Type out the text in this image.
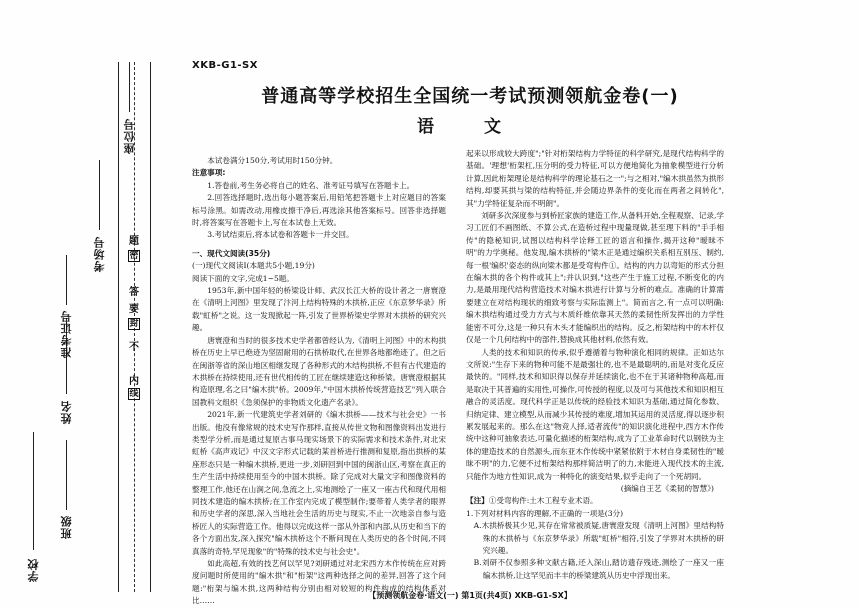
学校
班级
姓名
准考证号
考场号
座位号
密
封
线
内
不
要
答
题
XKB-G1-SX
普通高等学校招生全国统一考试预测领航金卷(一)
语 文

本试卷满分150分,考试用时150分钟。

注意事项:

1.答卷前,考生务必将自己的姓名、准考证号填写在答题卡上。

2.回答选择题时,选出每小题答案后,用铅笔把答题卡上对应题目的答案标号涂黑。如需改动,用橡皮擦干净后,再选涂其他答案标号。回答非选择题时,将答案写在答题卡上,写在本试卷上无效。

3.考试结束后,将本试卷和答题卡一并交回。

一、现代文阅读(35分)

(一)现代文阅读Ⅰ(本题共5小题,19分)

阅读下面的文字,完成1~5题。

1953年,新中国年轻的桥梁设计师、武汉长江大桥的设计者之一唐寰澄在《清明上河图》里发现了汴河上结构特殊的木拱桥,正应《东京梦华录》所载"虹桥"之说。这一发现掀起一阵,引发了世界桥梁史学界对木拱桥的研究兴趣。

唐寰澄和当时的很多技术史学者都曾经认为,《清明上河图》中的木构拱桥在历史上早已绝迹为坚固耐用的石拱桥取代,在世界各地都绝迹了。但之后在闽浙等省的深山地区相继发现了各种形式的木结构拱桥,不但有古代建造的木拱桥在持续使用,还有世代相传的工匠在继续建造这种桥梁。唐寰澄根据其构造原理,名之曰"编木拱"桥。2009年,"中国木拱桥传统营造技艺"列入联合国教科文组织《急须保护的非物质文化遗产名录》。

2021年,新一代建筑史学者刘研的《编木拱桥——技术与社会史》一书出版。他没有像常规的技术史写作那样,直接从传世文物和图像资料出发进行类型学分析,而是通过复原古事马现实场景下的实际需求和技术条件,对北宋虹桥《高声戏记》中汉文字形式记载的某首桥进行推测和复原,指出拱桥的某座形态只是一种编木拱桥,更进一步,刘研回到中国的闽浙山区,考察在真正的生产生活中持续使用至今的中国木拱桥。除了完成对大量文字和图像资料的整理工作,他还在山涧之间,急流之上,实地测绘了一座又一座古代和现代用相同技术建造的编木拱桥;在工作室内完成了模型制作;要带着人类学者的眼界和历史学者的深思,深入当地社会生活的历史与现实,不止一次地亲自参与造桥匠人的实际营造工作。他得以完成这样一部从外部和内部,从历史和当下的各个方面出发,深入探究"编木拱桥这个不断问现在人类历史的各个时间,不同真落的奇特,罕见现象"的"特殊的技术史与社会史"。

如此高超,有效的技艺何以罕见?刘研通过对北宋西方木作传统在应对跨度问题时所使用的"编木拱"和"桁架"这两种选择之间的差异,回答了这个问题:"桁架与编木拱,这两种结构分别由相对较短的构件构成的结构体系对比……

起来以形成较大跨度";"针对桁架结构力学特征的科学研究,是现代结构科学的基础。'理想'桁架杠,压分明的受力特征,可以方便地简化为抽象模型进行分析计算,因此桁架理论是结构科学的理论基石之一";与之相对,"编木拱虽然为拱形结构,却要其拱与梁的结构特征,并会随边界条件的变化而在两者之间转化",其"力学特征复杂而不明朗"。

刘研多次深度参与到桥匠家族的建造工作,从备料开始,全程观察、记录,学习工匠们不画图纸、不算公式,在造桥过程中现量现做,甚至理下料的"手手相传"的隐秘知识,试图以结构科学诠释工匠的语言和操作,揭开这种"暧昧不明"的力学奥秘。他发现,编木拱桥的"梁木正是通过编织关系相互别压、制约,每一根'编织'姿态的纵向梁木都是受弯构件①。结构的内力以弯矩的形式分担在编木拱的各个构件或其上";并认识到,"这些产生于施工过程,不断变化的内力,是最用现代结构营造技术对编木拱进行计算与分析的难点。准确的计算需要建立在对结构现状的细致考察与实际监测上"。简而言之,有一点可以明确:编木拱结构通过受力方式与木质纤维依靠其天然的柔韧性所发挥出的力学性能密不可分,这是一种只有木头才能编织出的结构。反之,桁架结构中的木杆仅仅是一个几何结构中的部件,替换成其他材料,依然有效。

人类的技术和知识的传承,似乎遵循着与物种演化相同的规律。正如达尔文所说:"生存下来的物种可能不是最强壮的,也不是最聪明的,而是对变化反应最快的。"同样,技术和知识得以保存并延续演化,也不在于其诸种物种高超,而是取决于其普遍的实用性,可操作,可传授的程度,以及可与其他技术和知识相互融合的灵活度。现代科学正是以传统的经验技术知识为基础,通过简化参数、归纳定律、建立模型,从而减少其传授的难度,增加其运用的灵活度,得以逐步积累发展起来的。那么在这"物竞人择,适者流传"的知识演化进程中,西方木作传统中这种可抽象表达,可量化描述的桁架结构,成为了工业革命时代以钢铁为主体的建造技术的自然源头,而东亚木作传统中紧紧依附于木材自身柔韧性的"暧昧不明"的力,它便不过桁架结构那样简洁明了的力,未能进入现代技术的主流,只能作为地方性知识,成为一种特化的演变结果,似乎走向了一个死胡同。

(摘编自王艺《柔韧的智慧》)

【注】①受弯构件:土木工程专业术语。

1.下列对材料内容的理解,不正确的一项是(3分)

A.木拱桥极其少见,其存在常常被质疑,唐寰澄发现《清明上河图》里结构特殊的木拱桥与《东京梦华录》所载"虹桥"相符,引发了学界对木拱桥的研究兴趣。

B.刘研不仅参照多种文献古籍,还入深山,踏访遗存残迹,测绘了一座又一座编木拱桥,让这罕见而丰丰的桥梁建筑从历史中浮现出来。

【预测领航金卷·语文(一) 第1页(共4页) XKB-G1-SX】
